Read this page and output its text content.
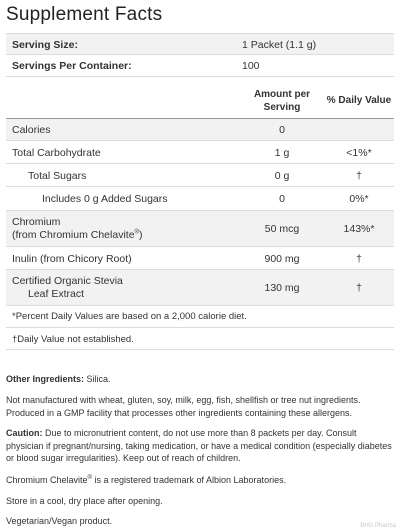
Supplement Facts
Serving Size:	1 Packet (1.1 g)
Servings Per Container:	100
Amount per
Serving
% Daily Value
Calories	0
Total Carbohydrate	1 g	<1%*
Total Sugars	0 g	†
Includes 0 g Added Sugars	0	0%*
Chromium
(from Chromium Chelavite®)	50 mcg	143%*
Inulin (from Chicory Root)	900 mg	†
Certified Organic Stevia
Leaf Extract	130 mg	†
*Percent Daily Values are based on a 2,000 calorie diet.
†Daily Value not established.

Other Ingredients: Silica.

Not manufactured with wheat, gluten, soy, milk, egg, fish, shellfish or tree nut ingredients. Produced in a GMP facility that processes other ingredients containing these allergens.

Caution: Due to micronutrient content, do not use more than 8 packets per day. Consult physician if pregnant/nursing, taking medication, or have a medical condition (especially diabetes or blood sugar irregularities). Keep out of reach of children.

Chromium Chelavite® is a registered trademark of Albion Laboratories.

Store in a cool, dry place after opening.

Vegetarian/Vegan product.	BHG Pharma
